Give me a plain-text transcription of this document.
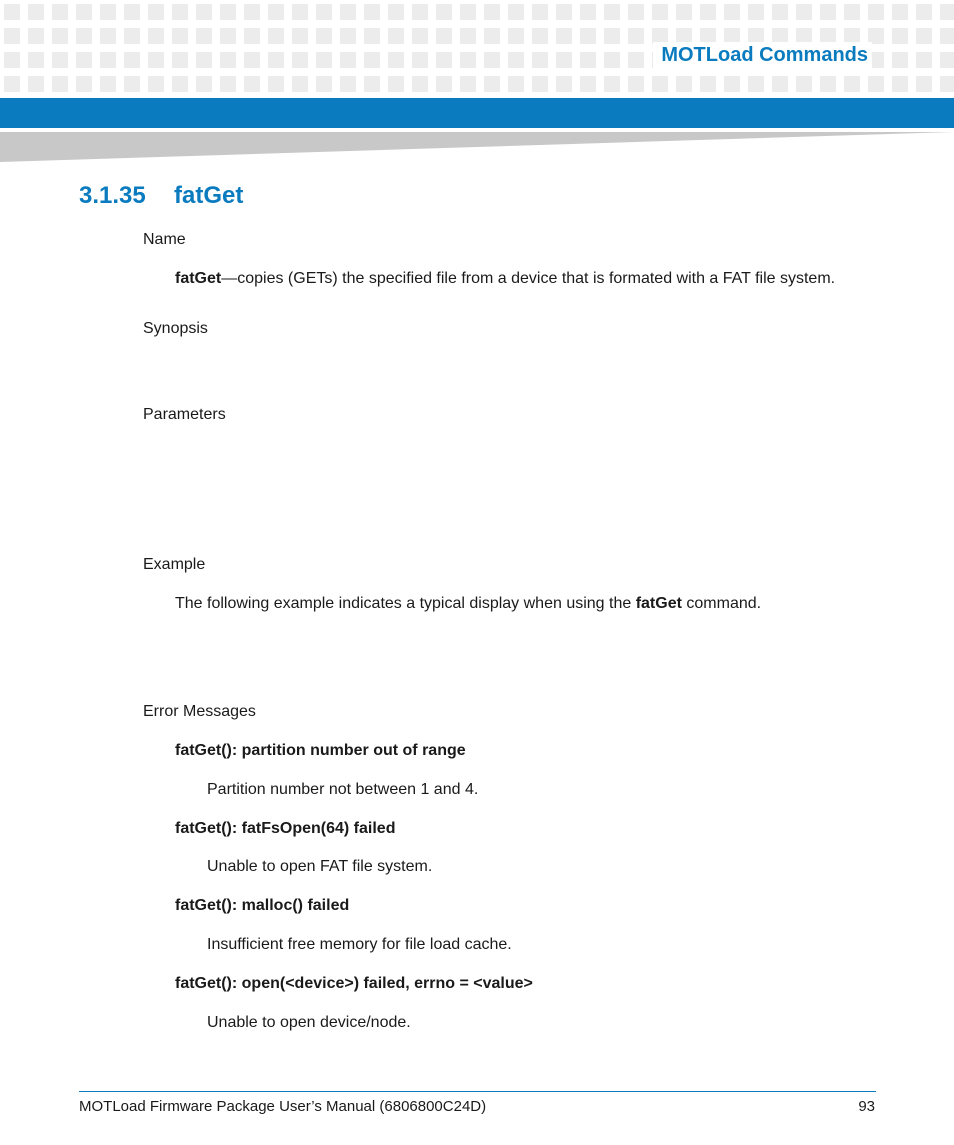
MOTLoad Commands
3.1.35 fatGet
Name
fatGet—copies (GETs) the specified file from a device that is formated with a FAT file system.
Synopsis
Parameters
Example
The following example indicates a typical display when using the fatGet command.
Error Messages
fatGet(): partition number out of range
Partition number not between 1 and 4.
fatGet(): fatFsOpen(64) failed
Unable to open FAT file system.
fatGet(): malloc() failed
Insufficient free memory for file load cache.
fatGet(): open(<device>) failed, errno = <value>
Unable to open device/node.
MOTLoad Firmware Package User’s Manual (6806800C24D)	93
